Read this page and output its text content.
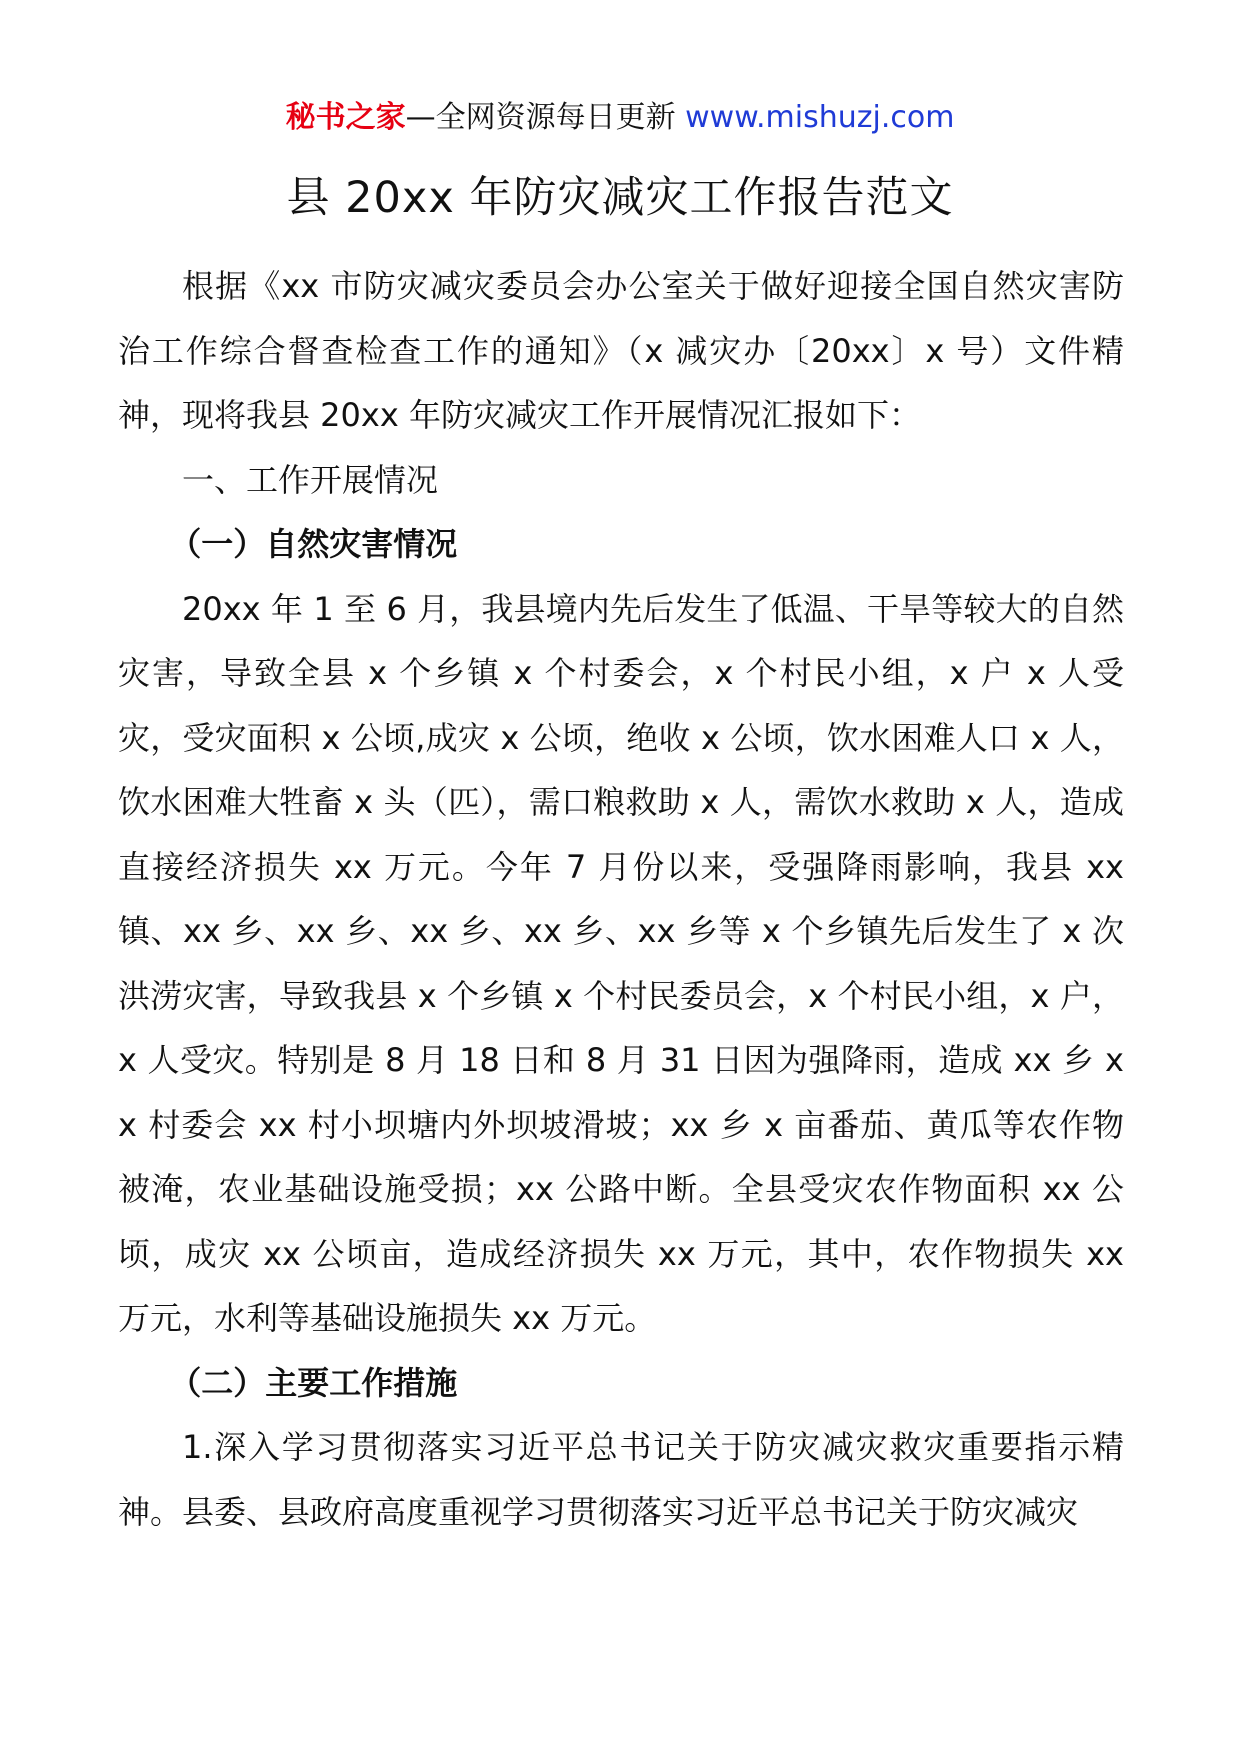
秘书之家—全网资源每日更新 www.mishuzj.com
县 20xx 年防灾减灾工作报告范文

根据《xx 市防灾减灾委员会办公室关于做好迎接全国自然灾害防治工作综合督查检查工作的通知》（x 减灾办〔20xx〕x 号）文件精神，现将我县 20xx 年防灾减灾工作开展情况汇报如下：

一、工作开展情况

（一）自然灾害情况

20xx 年 1 至 6 月，我县境内先后发生了低温、干旱等较大的自然灾害，导致全县 x 个乡镇 x 个村委会，x 个村民小组，x 户 x 人受灾，受灾面积 x 公顷,成灾 x 公顷，绝收 x 公顷，饮水困难人口 x 人，饮水困难大牲畜 x 头（匹），需口粮救助 x 人，需饮水救助 x 人，造成直接经济损失 xx 万元。今年 7 月份以来，受强降雨影响，我县 xx 镇、xx 乡、xx 乡、xx 乡、xx 乡、xx 乡等 x 个乡镇先后发生了 x 次洪涝灾害，导致我县 x 个乡镇 x 个村民委员会，x 个村民小组，x 户，x 人受灾。特别是 8 月 18 日和 8 月 31 日因为强降雨，造成 xx 乡 xx 村委会 xx 村小坝塘内外坝坡滑坡；xx 乡 x 亩番茄、黄瓜等农作物被淹，农业基础设施受损；xx 公路中断。全县受灾农作物面积 xx 公顷，成灾 xx 公顷亩，造成经济损失 xx 万元，其中，农作物损失 xx 万元，水利等基础设施损失 xx 万元。

（二）主要工作措施

1.深入学习贯彻落实习近平总书记关于防灾减灾救灾重要指示精神。县委、县政府高度重视学习贯彻落实习近平总书记关于防灾减灾
